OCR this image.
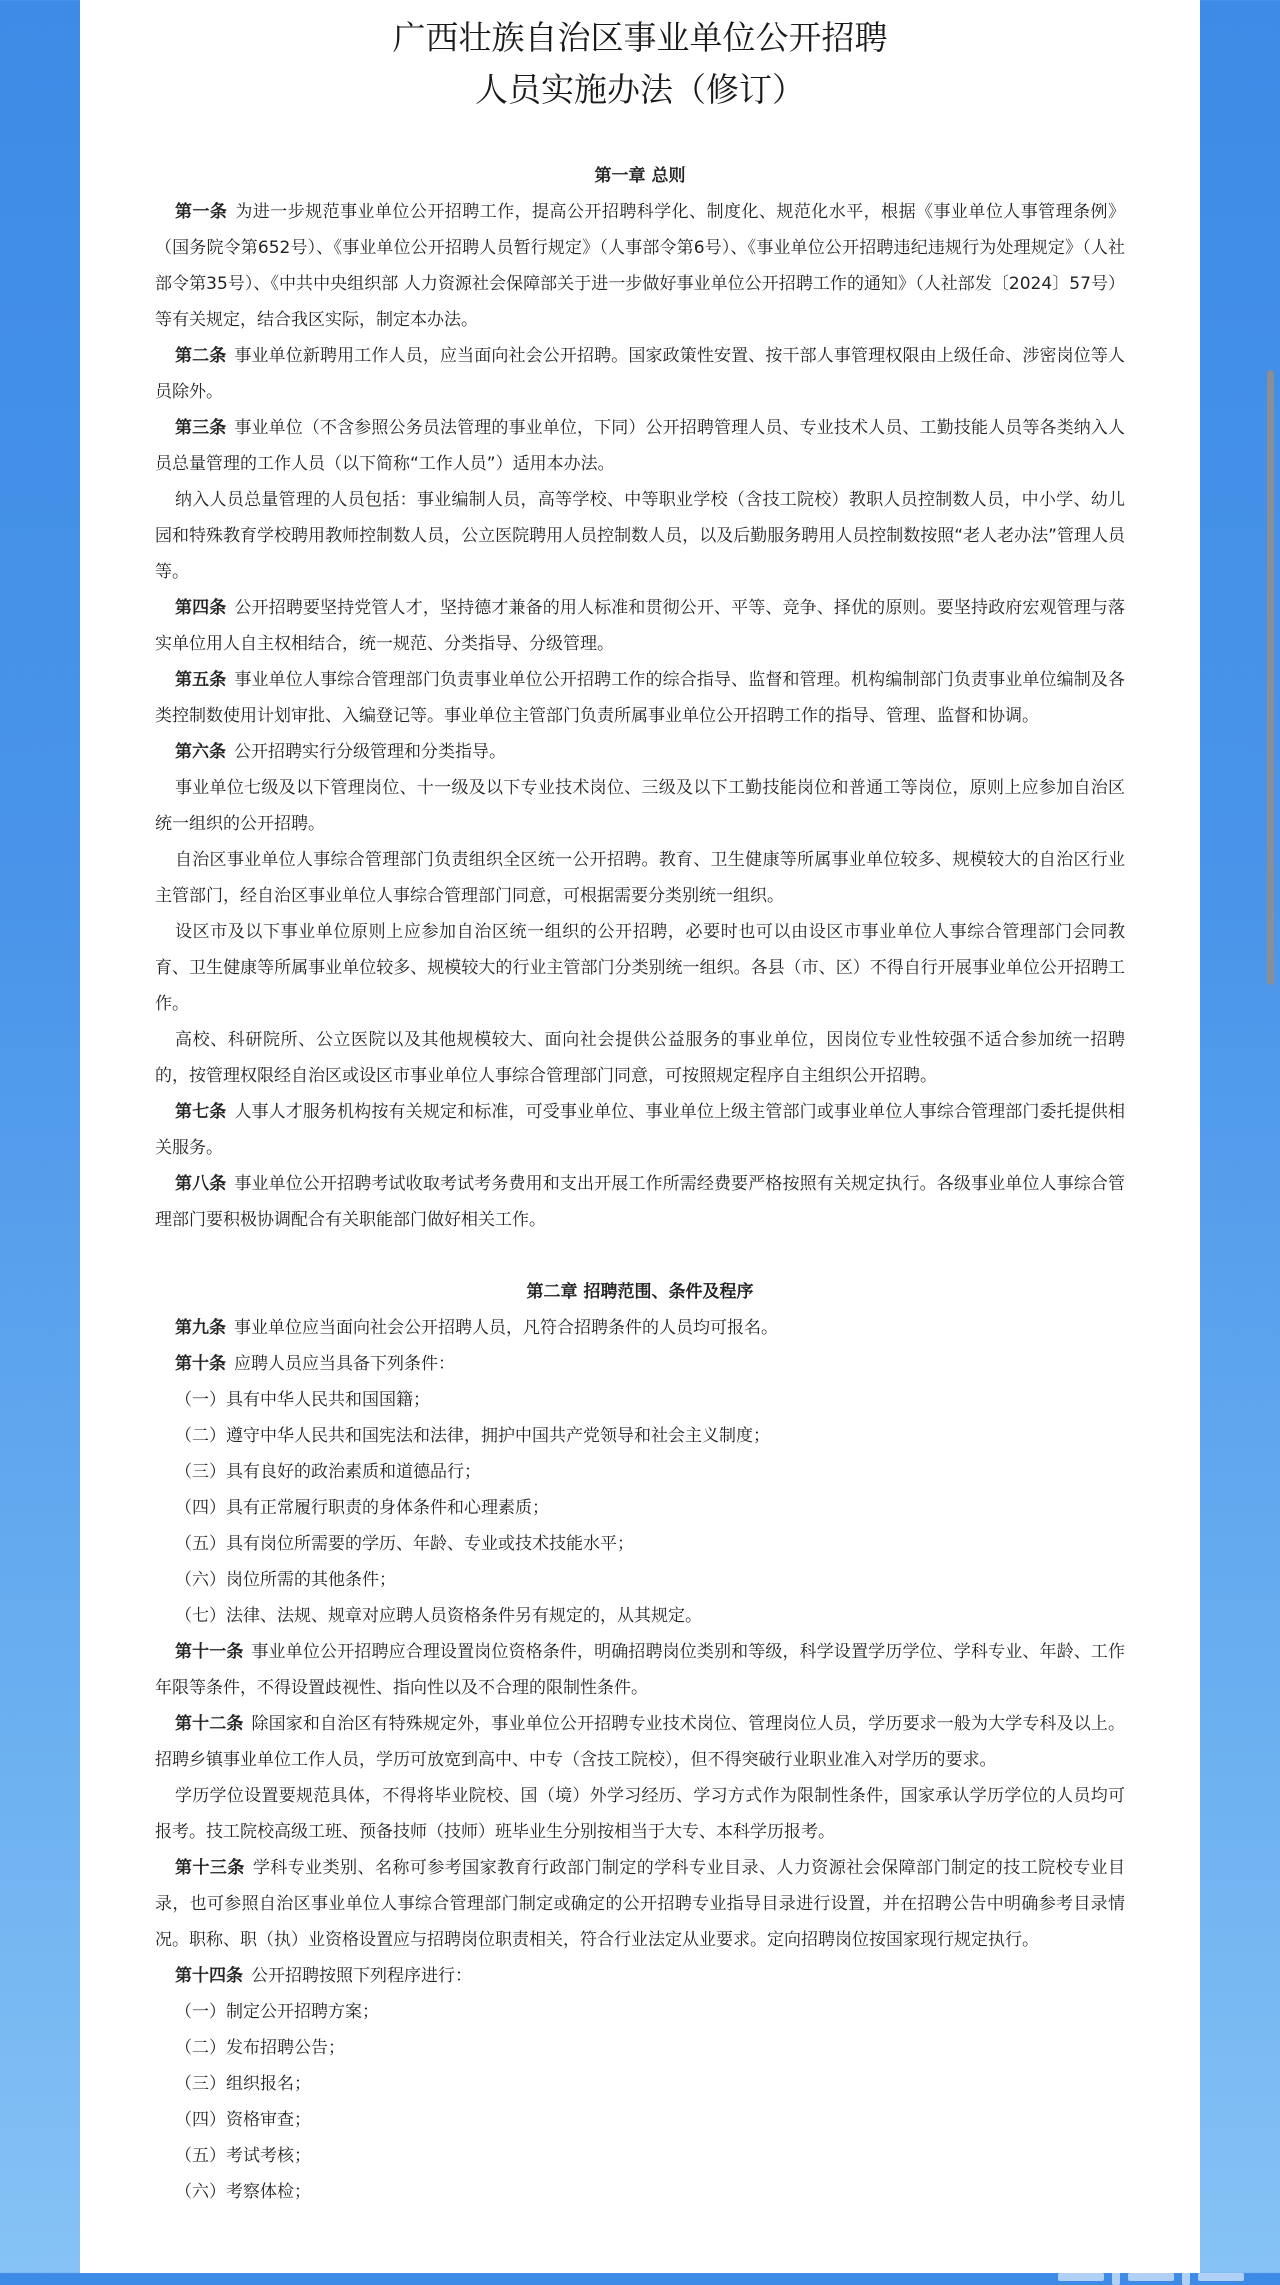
广西壮族自治区事业单位公开招聘
人员实施办法（修订）
第一章 总则

第一条 为进一步规范事业单位公开招聘工作，提高公开招聘科学化、制度化、规范化水平，根据《事业单位人事管理条例》（国务院令第652号）、《事业单位公开招聘人员暂行规定》（人事部令第6号）、《事业单位公开招聘违纪违规行为处理规定》（人社部令第35号）、《中共中央组织部 人力资源社会保障部关于进一步做好事业单位公开招聘工作的通知》（人社部发〔2024〕57号）等有关规定，结合我区实际，制定本办法。

第二条 事业单位新聘用工作人员，应当面向社会公开招聘。国家政策性安置、按干部人事管理权限由上级任命、涉密岗位等人员除外。

第三条 事业单位（不含参照公务员法管理的事业单位，下同）公开招聘管理人员、专业技术人员、工勤技能人员等各类纳入人员总量管理的工作人员（以下简称“工作人员”）适用本办法。

纳入人员总量管理的人员包括：事业编制人员，高等学校、中等职业学校（含技工院校）教职人员控制数人员，中小学、幼儿园和特殊教育学校聘用教师控制数人员，公立医院聘用人员控制数人员，以及后勤服务聘用人员控制数按照“老人老办法”管理人员等。

第四条 公开招聘要坚持党管人才，坚持德才兼备的用人标准和贯彻公开、平等、竞争、择优的原则。要坚持政府宏观管理与落实单位用人自主权相结合，统一规范、分类指导、分级管理。

第五条 事业单位人事综合管理部门负责事业单位公开招聘工作的综合指导、监督和管理。机构编制部门负责事业单位编制及各类控制数使用计划审批、入编登记等。事业单位主管部门负责所属事业单位公开招聘工作的指导、管理、监督和协调。

第六条 公开招聘实行分级管理和分类指导。

事业单位七级及以下管理岗位、十一级及以下专业技术岗位、三级及以下工勤技能岗位和普通工等岗位，原则上应参加自治区统一组织的公开招聘。

自治区事业单位人事综合管理部门负责组织全区统一公开招聘。教育、卫生健康等所属事业单位较多、规模较大的自治区行业主管部门，经自治区事业单位人事综合管理部门同意，可根据需要分类别统一组织。

设区市及以下事业单位原则上应参加自治区统一组织的公开招聘，必要时也可以由设区市事业单位人事综合管理部门会同教育、卫生健康等所属事业单位较多、规模较大的行业主管部门分类别统一组织。各县（市、区）不得自行开展事业单位公开招聘工作。

高校、科研院所、公立医院以及其他规模较大、面向社会提供公益服务的事业单位，因岗位专业性较强不适合参加统一招聘的，按管理权限经自治区或设区市事业单位人事综合管理部门同意，可按照规定程序自主组织公开招聘。

第七条 人事人才服务机构按有关规定和标准，可受事业单位、事业单位上级主管部门或事业单位人事综合管理部门委托提供相关服务。

第八条 事业单位公开招聘考试收取考试考务费用和支出开展工作所需经费要严格按照有关规定执行。各级事业单位人事综合管理部门要积极协调配合有关职能部门做好相关工作。

第二章 招聘范围、条件及程序

第九条 事业单位应当面向社会公开招聘人员，凡符合招聘条件的人员均可报名。

第十条 应聘人员应当具备下列条件：

（一）具有中华人民共和国国籍；

（二）遵守中华人民共和国宪法和法律，拥护中国共产党领导和社会主义制度；

（三）具有良好的政治素质和道德品行；

（四）具有正常履行职责的身体条件和心理素质；

（五）具有岗位所需要的学历、年龄、专业或技术技能水平；

（六）岗位所需的其他条件；

（七）法律、法规、规章对应聘人员资格条件另有规定的，从其规定。

第十一条 事业单位公开招聘应合理设置岗位资格条件，明确招聘岗位类别和等级，科学设置学历学位、学科专业、年龄、工作年限等条件，不得设置歧视性、指向性以及不合理的限制性条件。

第十二条 除国家和自治区有特殊规定外，事业单位公开招聘专业技术岗位、管理岗位人员，学历要求一般为大学专科及以上。招聘乡镇事业单位工作人员，学历可放宽到高中、中专（含技工院校），但不得突破行业职业准入对学历的要求。

学历学位设置要规范具体，不得将毕业院校、国（境）外学习经历、学习方式作为限制性条件，国家承认学历学位的人员均可报考。技工院校高级工班、预备技师（技师）班毕业生分别按相当于大专、本科学历报考。

第十三条 学科专业类别、名称可参考国家教育行政部门制定的学科专业目录、人力资源社会保障部门制定的技工院校专业目录，也可参照自治区事业单位人事综合管理部门制定或确定的公开招聘专业指导目录进行设置，并在招聘公告中明确参考目录情况。职称、职（执）业资格设置应与招聘岗位职责相关，符合行业法定从业要求。定向招聘岗位按国家现行规定执行。

第十四条 公开招聘按照下列程序进行：

（一）制定公开招聘方案；

（二）发布招聘公告；

（三）组织报名；

（四）资格审查；

（五）考试考核；

（六）考察体检；
